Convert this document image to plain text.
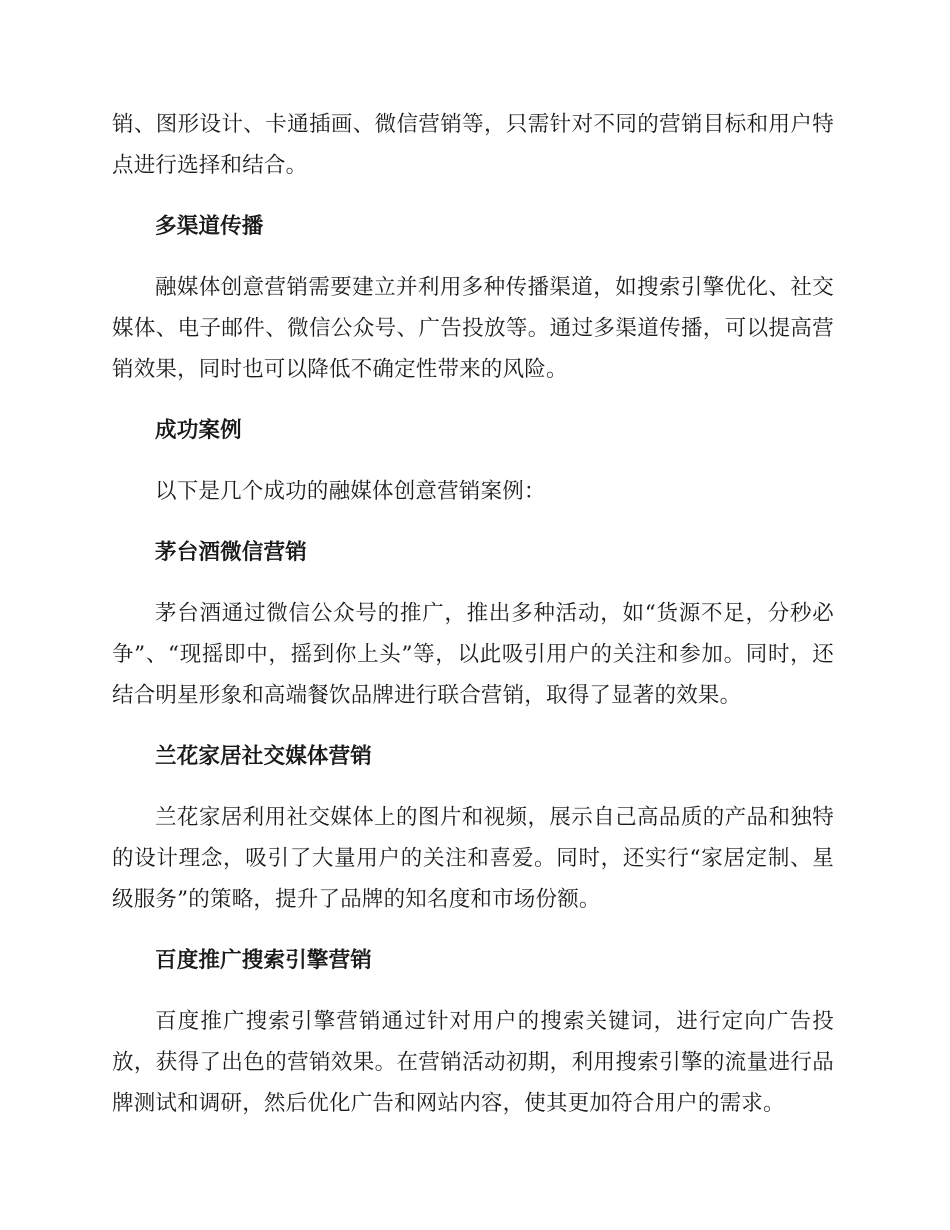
销、图形设计、卡通插画、微信营销等，只需针对不同的营销目标和用户特点进行选择和结合。

多渠道传播

融媒体创意营销需要建立并利用多种传播渠道，如搜索引擎优化、社交媒体、电子邮件、微信公众号、广告投放等。通过多渠道传播，可以提高营销效果，同时也可以降低不确定性带来的风险。

成功案例

以下是几个成功的融媒体创意营销案例：

茅台酒微信营销

茅台酒通过微信公众号的推广，推出多种活动，如“货源不足，分秒必争”、“现摇即中，摇到你上头”等，以此吸引用户的关注和参加。同时，还结合明星形象和高端餐饮品牌进行联合营销，取得了显著的效果。

兰花家居社交媒体营销

兰花家居利用社交媒体上的图片和视频，展示自己高品质的产品和独特的设计理念，吸引了大量用户的关注和喜爱。同时，还实行“家居定制、星级服务”的策略，提升了品牌的知名度和市场份额。

百度推广搜索引擎营销

百度推广搜索引擎营销通过针对用户的搜索关键词，进行定向广告投放，获得了出色的营销效果。在营销活动初期，利用搜索引擎的流量进行品牌测试和调研，然后优化广告和网站内容，使其更加符合用户的需求。
